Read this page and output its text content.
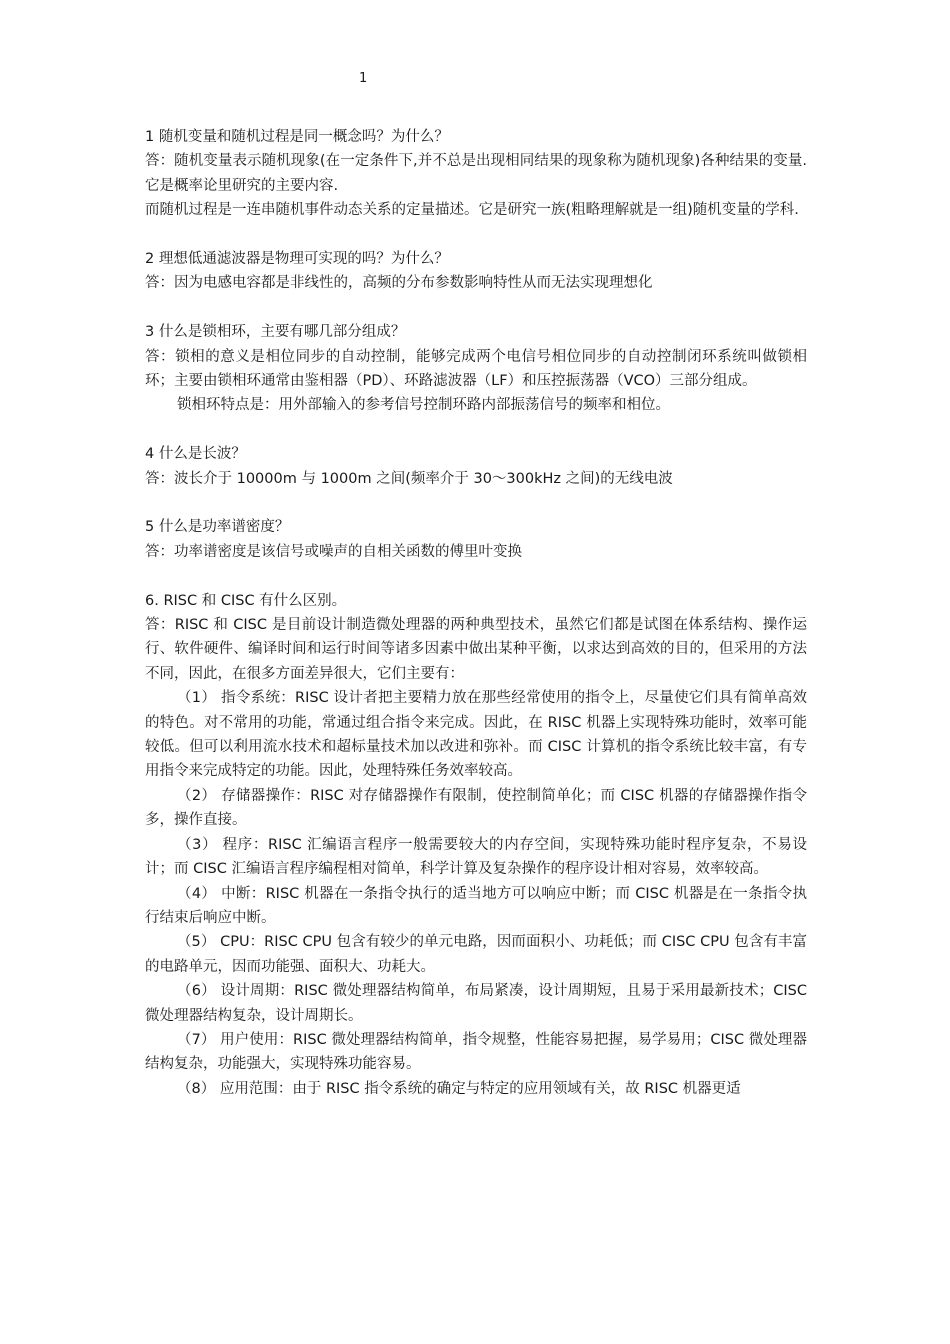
1

1 随机变量和随机过程是同一概念吗？为什么？

答：随机变量表示随机现象(在一定条件下,并不总是出现相同结果的现象称为随机现象)各种结果的变量.它是概率论里研究的主要内容.

而随机过程是一连串随机事件动态关系的定量描述。它是研究一族(粗略理解就是一组)随机变量的学科.

2 理想低通滤波器是物理可实现的吗？为什么？

答：因为电感电容都是非线性的，高频的分布参数影响特性从而无法实现理想化

3 什么是锁相环，主要有哪几部分组成？

答：锁相的意义是相位同步的自动控制，能够完成两个电信号相位同步的自动控制闭环系统叫做锁相环；主要由锁相环通常由鉴相器（PD）、环路滤波器（LF）和压控振荡器（VCO）三部分组成。

锁相环特点是：用外部输入的参考信号控制环路内部振荡信号的频率和相位。

4 什么是长波？

答：波长介于 10000m 与 1000m 之间(频率介于 30～300kHz 之间)的无线电波

5 什么是功率谱密度？

答：功率谱密度是该信号或噪声的自相关函数的傅里叶变换

6. RISC 和 CISC 有什么区别。

答：RISC 和 CISC 是目前设计制造微处理器的两种典型技术，虽然它们都是试图在体系结构、操作运行、软件硬件、编译时间和运行时间等诸多因素中做出某种平衡，以求达到高效的目的，但采用的方法不同，因此，在很多方面差异很大，它们主要有：

（1） 指令系统：RISC 设计者把主要精力放在那些经常使用的指令上，尽量使它们具有简单高效的特色。对不常用的功能，常通过组合指令来完成。因此，在 RISC 机器上实现特殊功能时，效率可能较低。但可以利用流水技术和超标量技术加以改进和弥补。而 CISC 计算机的指令系统比较丰富，有专用指令来完成特定的功能。因此，处理特殊任务效率较高。

（2） 存储器操作：RISC 对存储器操作有限制，使控制简单化；而 CISC 机器的存储器操作指令多，操作直接。

（3） 程序：RISC 汇编语言程序一般需要较大的内存空间，实现特殊功能时程序复杂，不易设计；而 CISC 汇编语言程序编程相对简单，科学计算及复杂操作的程序设计相对容易，效率较高。

（4） 中断：RISC 机器在一条指令执行的适当地方可以响应中断；而 CISC 机器是在一条指令执行结束后响应中断。

（5） CPU：RISC CPU 包含有较少的单元电路，因而面积小、功耗低；而 CISC CPU 包含有丰富的电路单元，因而功能强、面积大、功耗大。

（6） 设计周期：RISC 微处理器结构简单，布局紧凑，设计周期短，且易于采用最新技术；CISC 微处理器结构复杂，设计周期长。

（7） 用户使用：RISC 微处理器结构简单，指令规整，性能容易把握，易学易用；CISC 微处理器结构复杂，功能强大，实现特殊功能容易。

（8） 应用范围：由于 RISC 指令系统的确定与特定的应用领域有关，故 RISC 机器更适
